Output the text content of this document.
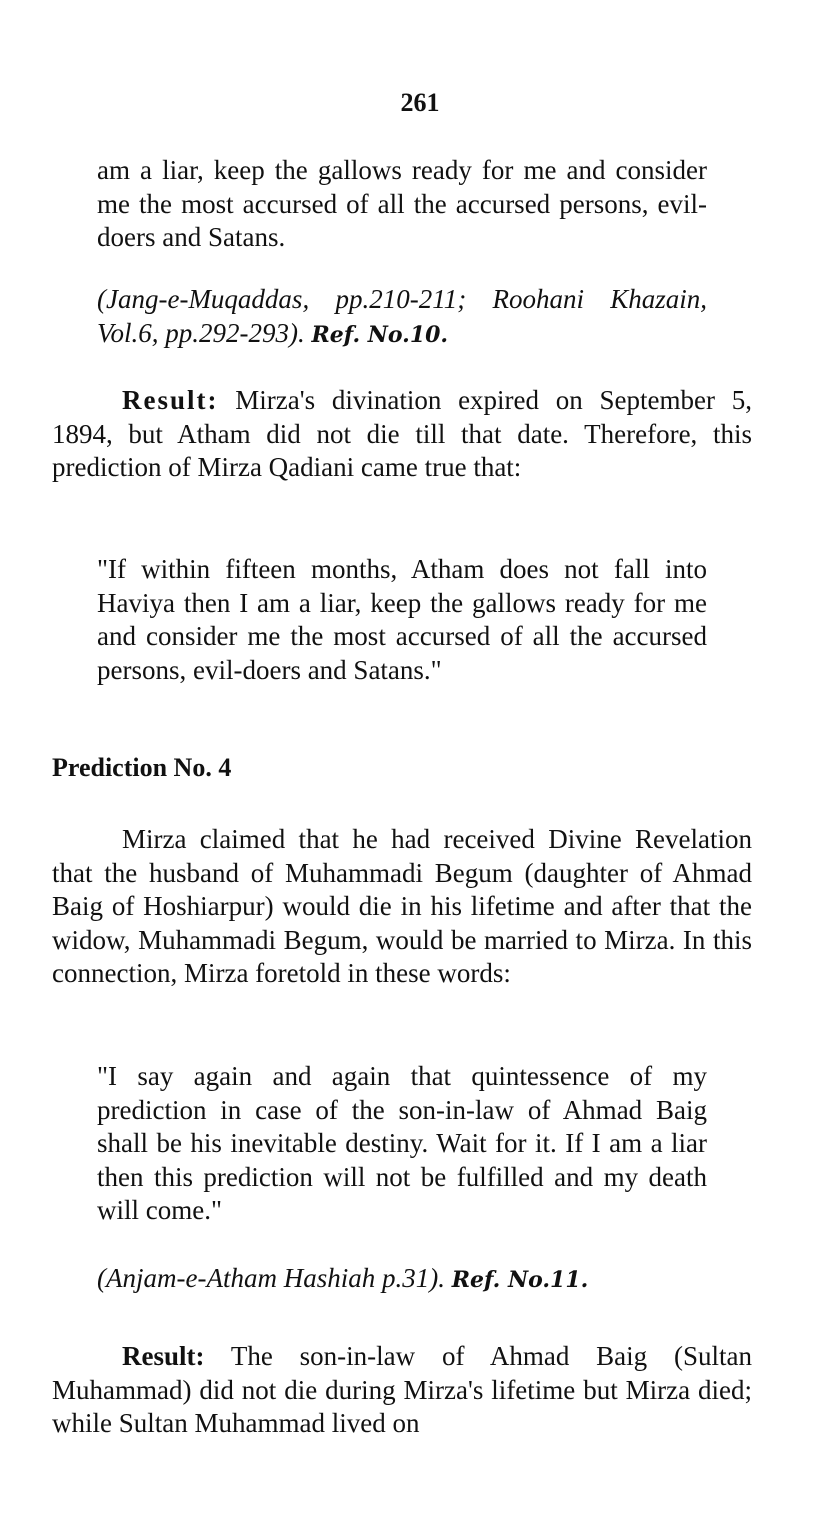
261

am a liar, keep the gallows ready for me and consider me the most accursed of all the accursed persons, evil-doers and Satans.

(Jang-e-Muqaddas, pp.210-211; Roohani Khazain, Vol.6, pp.292-293). Ref. No.10.

Result: Mirza's divination expired on September 5, 1894, but Atham did not die till that date. Therefore, this prediction of Mirza Qadiani came true that:

"If within fifteen months, Atham does not fall into Haviya then I am a liar, keep the gallows ready for me and consider me the most accursed of all the accursed persons, evil-doers and Satans."

Prediction No. 4

Mirza claimed that he had received Divine Revelation that the husband of Muhammadi Begum (daughter of Ahmad Baig of Hoshiarpur) would die in his lifetime and after that the widow, Muhammadi Begum, would be married to Mirza. In this connection, Mirza foretold in these words:

"I say again and again that quintessence of my prediction in case of the son-in-law of Ahmad Baig shall be his inevitable destiny. Wait for it. If I am a liar then this prediction will not be fulfilled and my death will come."

(Anjam-e-Atham Hashiah p.31). Ref. No.11.

Result: The son-in-law of Ahmad Baig (Sultan Muhammad) did not die during Mirza's lifetime but Mirza died; while Sultan Muhammad lived on
